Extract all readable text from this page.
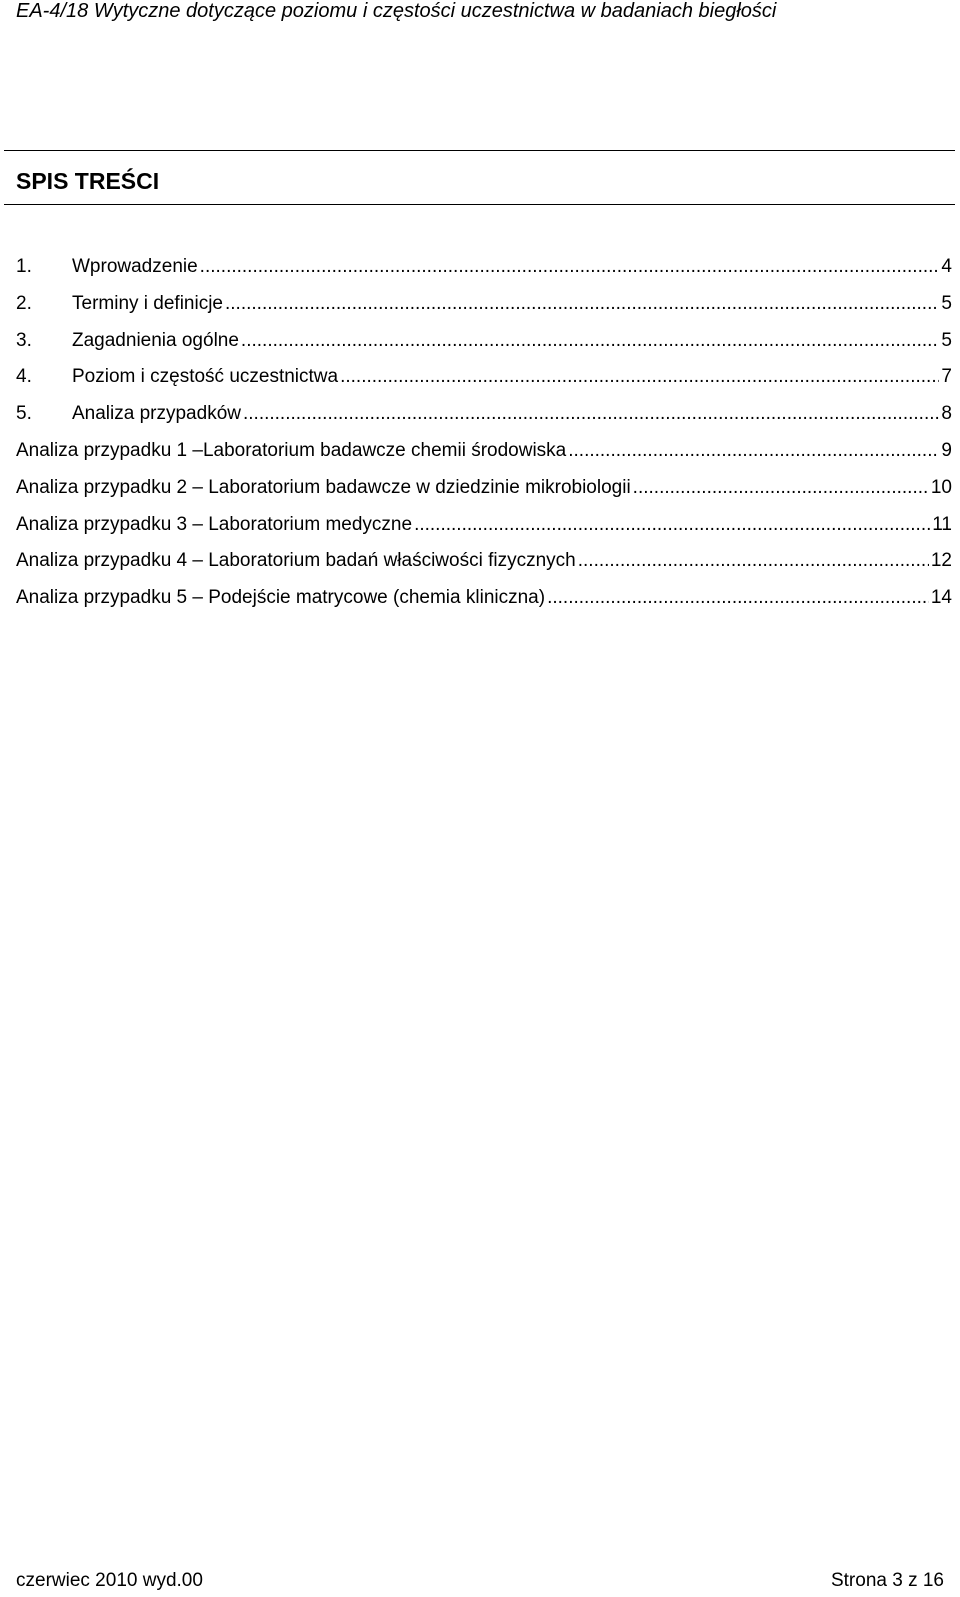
EA-4/18 Wytyczne dotyczące poziomu i częstości uczestnictwa w badaniach biegłości
SPIS TREŚCI
1.	Wprowadzenie .....	4
2.	Terminy i definicje .....	5
3.	Zagadnienia ogólne .....	5
4.	Poziom i częstość uczestnictwa .....	7
5.	Analiza przypadków .....	8
Analiza przypadku 1 –Laboratorium badawcze chemii środowiska .....	9
Analiza przypadku 2 – Laboratorium badawcze w dziedzinie mikrobiologii .....	10
Analiza przypadku 3 – Laboratorium medyczne .....	11
Analiza przypadku 4 – Laboratorium badań właściwości fizycznych .....	12
Analiza przypadku 5 – Podejście matrycowe (chemia kliniczna) .....	14
czerwiec 2010 wyd.00	Strona 3 z 16
